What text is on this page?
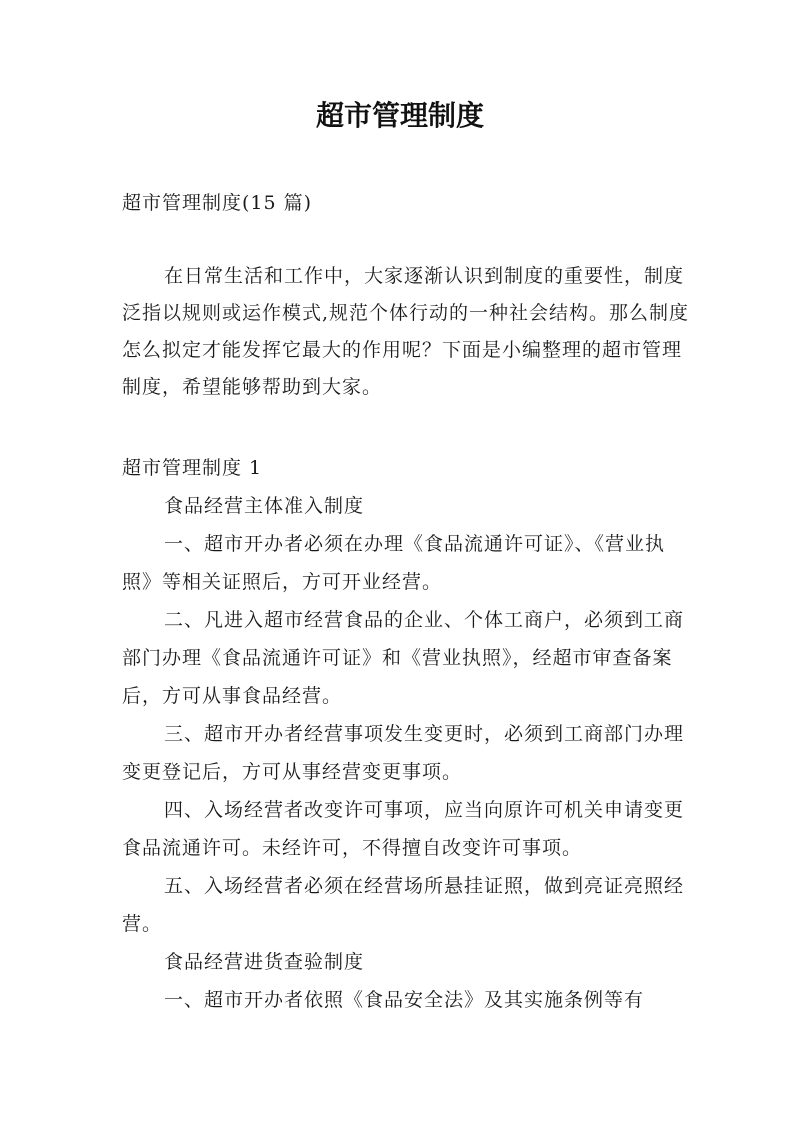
超市管理制度

超市管理制度(15 篇)

在日常生活和工作中，大家逐渐认识到制度的重要性，制度泛指以规则或运作模式,规范个体行动的一种社会结构。那么制度怎么拟定才能发挥它最大的作用呢？下面是小编整理的超市管理制度，希望能够帮助到大家。

超市管理制度 1

食品经营主体准入制度

一、超市开办者必须在办理《食品流通许可证》、《营业执照》等相关证照后，方可开业经营。

二、凡进入超市经营食品的企业、个体工商户，必须到工商部门办理《食品流通许可证》和《营业执照》，经超市审查备案后，方可从事食品经营。

三、超市开办者经营事项发生变更时，必须到工商部门办理变更登记后，方可从事经营变更事项。

四、入场经营者改变许可事项，应当向原许可机关申请变更食品流通许可。未经许可，不得擅自改变许可事项。

五、入场经营者必须在经营场所悬挂证照，做到亮证亮照经营。

食品经营进货查验制度

一、超市开办者依照《食品安全法》及其实施条例等有
